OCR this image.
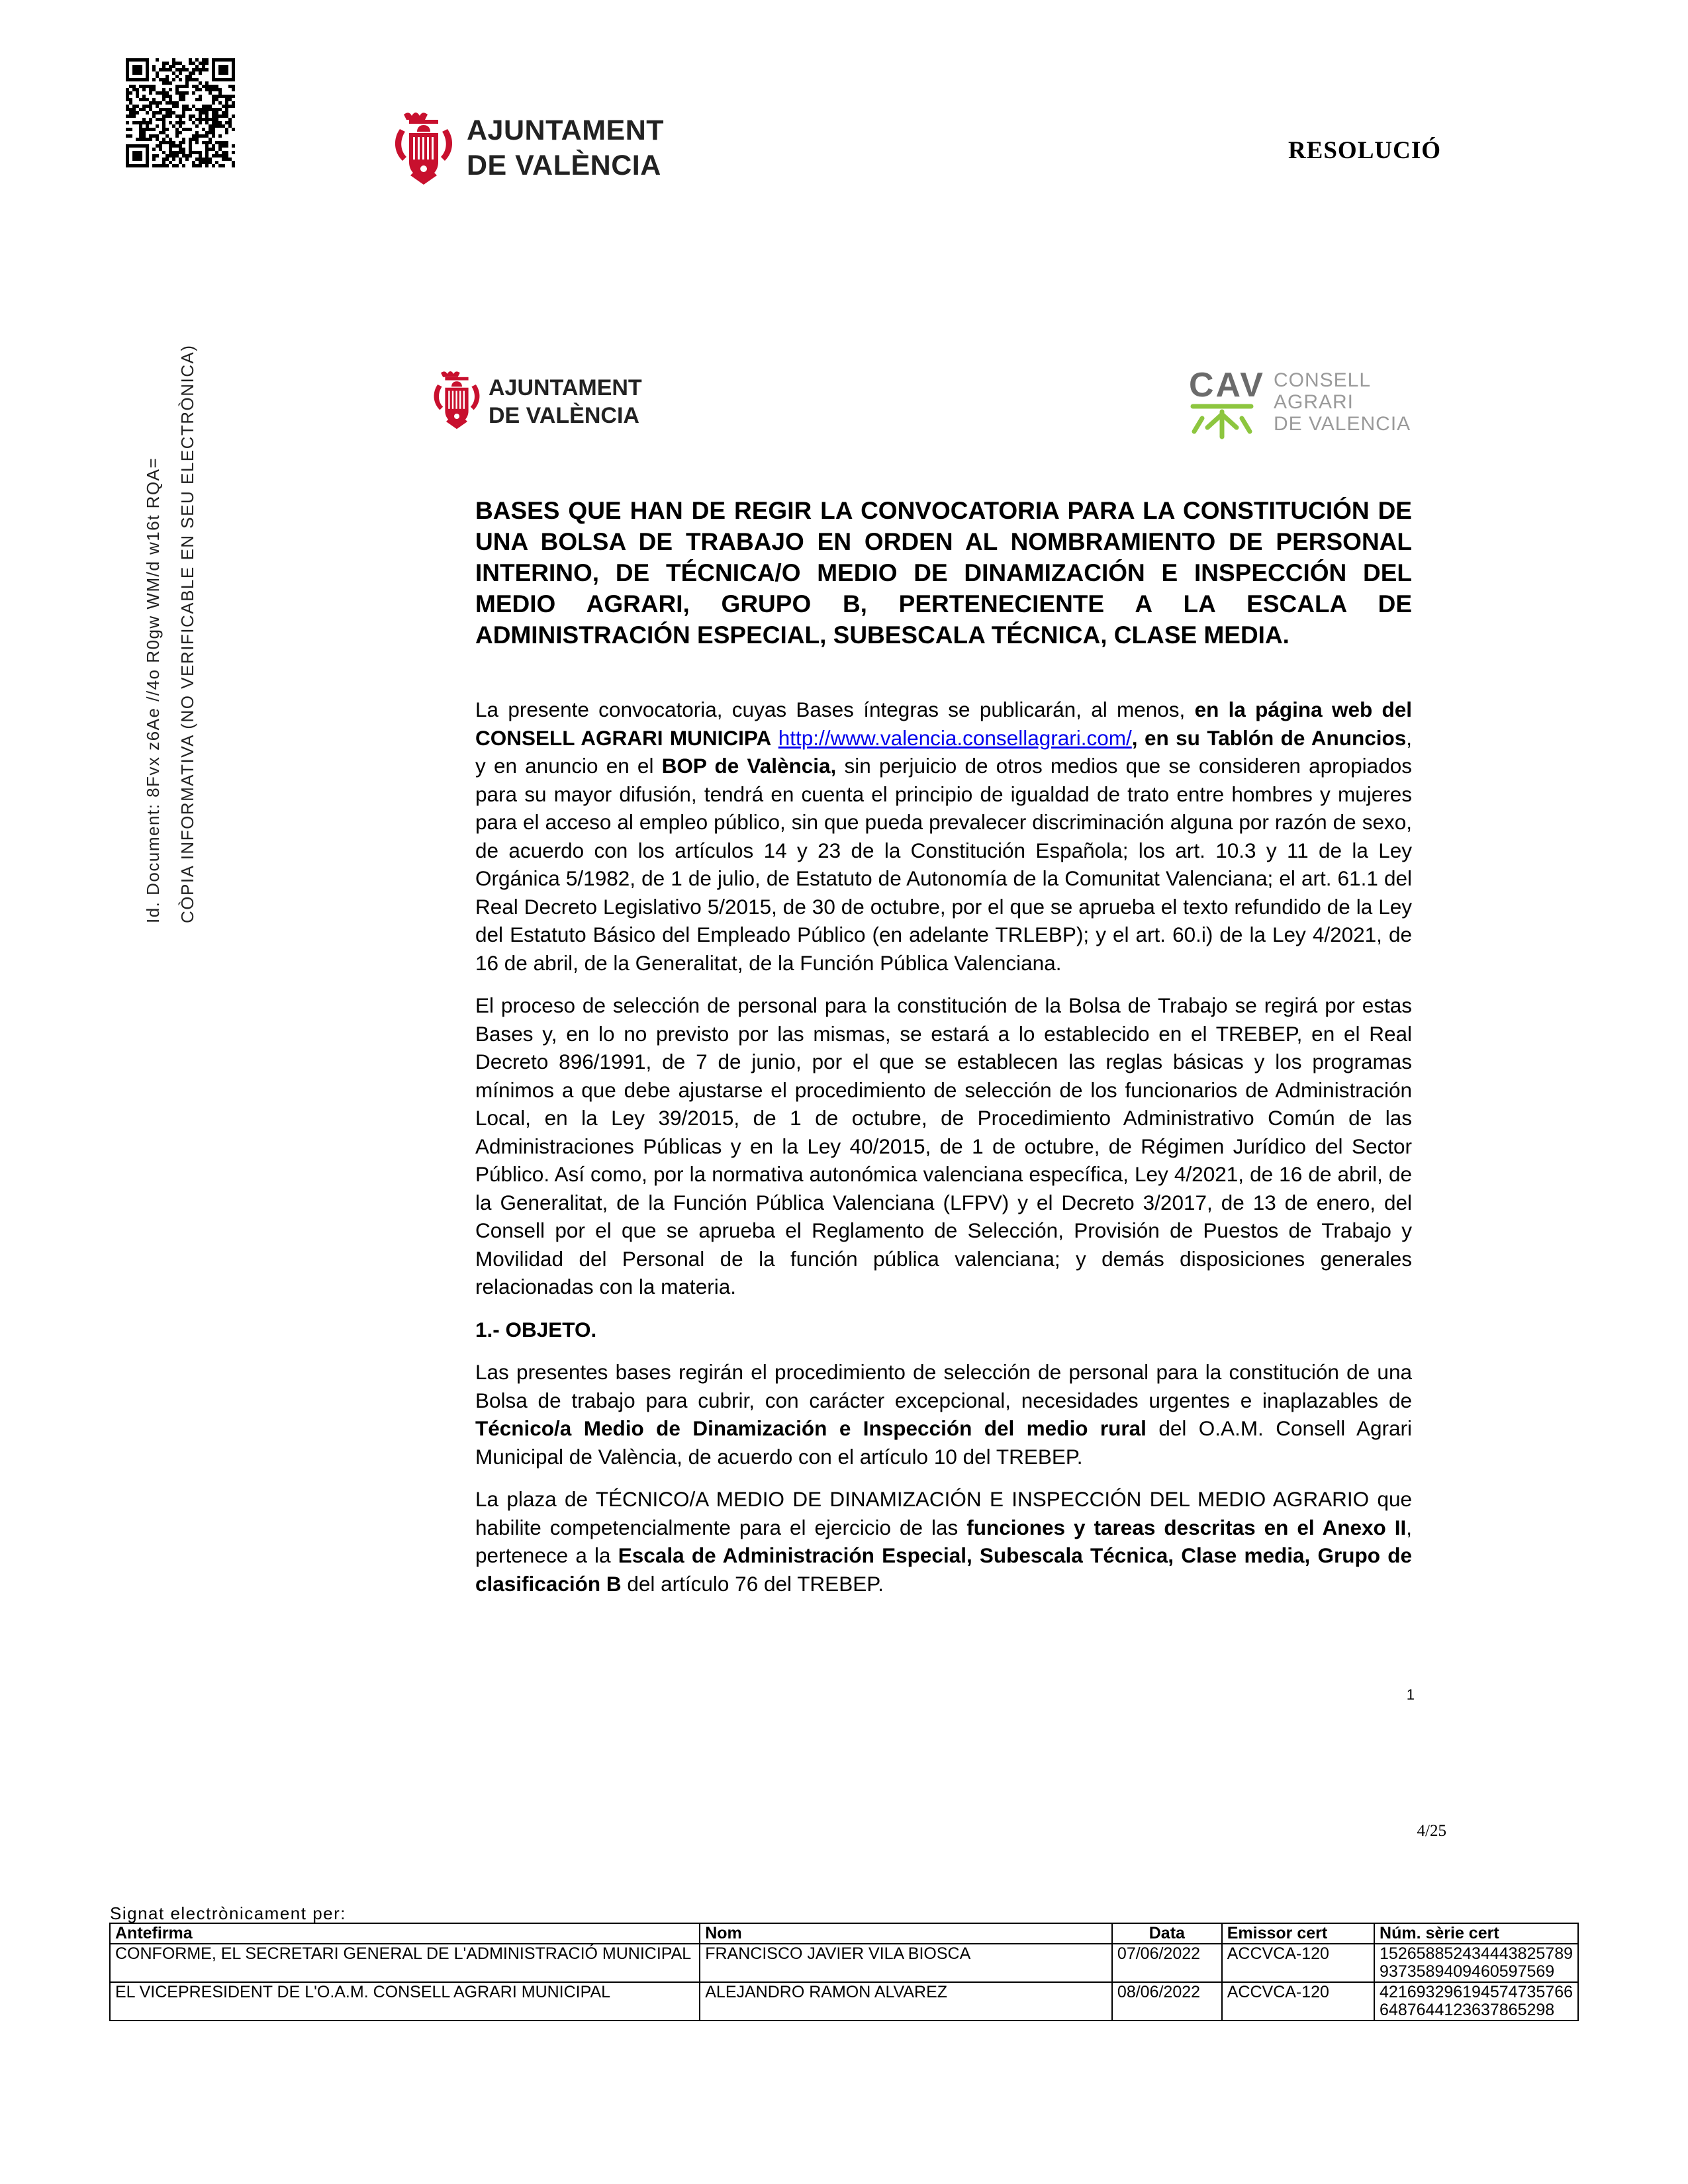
AJUNTAMENT
DE VALÈNCIA	RESOLUCIÓ
Id. Document: 8Fvx z6Ae //4o R0gw WM/d w16t RQA= CÒPIA INFORMATIVA (NO VERIFICABLE EN SEU ELECTRÒNICA)	AJUNTAMENT
DE VALÈNCIA
CAV CONSELL
AGRARI
DE VALENCIA
BASES QUE HAN DE REGIR LA CONVOCATORIA PARA LA CONSTITUCIÓN DE UNA BOLSA DE TRABAJO EN ORDEN AL NOMBRAMIENTO DE PERSONAL INTERINO, DE TÉCNICA/O MEDIO DE DINAMIZACIÓN E INSPECCIÓN DEL MEDIO AGRARI, GRUPO B, PERTENECIENTE A LA ESCALA DE ADMINISTRACIÓN ESPECIAL, SUBESCALA TÉCNICA, CLASE MEDIA.

La presente convocatoria, cuyas Bases íntegras se publicarán, al menos, en la página web del CONSELL AGRARI MUNICIPA http://www.valencia.consellagrari.com/, en su Tablón de Anuncios, y en anuncio en el BOP de València, sin perjuicio de otros medios que se consideren apropiados para su mayor difusión, tendrá en cuenta el principio de igualdad de trato entre hombres y mujeres para el acceso al empleo público, sin que pueda prevalecer discriminación alguna por razón de sexo, de acuerdo con los artículos 14 y 23 de la Constitución Española; los art. 10.3 y 11 de la Ley Orgánica 5/1982, de 1 de julio, de Estatuto de Autonomía de la Comunitat Valenciana; el art. 61.1 del Real Decreto Legislativo 5/2015, de 30 de octubre, por el que se aprueba el texto refundido de la Ley del Estatuto Básico del Empleado Público (en adelante TRLEBP); y el art. 60.i) de la Ley 4/2021, de 16 de abril, de la Generalitat, de la Función Pública Valenciana.

El proceso de selección de personal para la constitución de la Bolsa de Trabajo se regirá por estas Bases y, en lo no previsto por las mismas, se estará a lo establecido en el TREBEP, en el Real Decreto 896/1991, de 7 de junio, por el que se establecen las reglas básicas y los programas mínimos a que debe ajustarse el procedimiento de selección de los funcionarios de Administración Local, en la Ley 39/2015, de 1 de octubre, de Procedimiento Administrativo Común de las Administraciones Públicas y en la Ley 40/2015, de 1 de octubre, de Régimen Jurídico del Sector Público. Así como, por la normativa autonómica valenciana específica, Ley 4/2021, de 16 de abril, de la Generalitat, de la Función Pública Valenciana (LFPV) y el Decreto 3/2017, de 13 de enero, del Consell por el que se aprueba el Reglamento de Selección, Provisión de Puestos de Trabajo y Movilidad del Personal de la función pública valenciana; y demás disposiciones generales relacionadas con la materia.

1.- OBJETO.

Las presentes bases regirán el procedimiento de selección de personal para la constitución de una Bolsa de trabajo para cubrir, con carácter excepcional, necesidades urgentes e inaplazables de Técnico/a Medio de Dinamización e Inspección del medio rural del O.A.M. Consell Agrari Municipal de València, de acuerdo con el artículo 10 del TREBEP.

La plaza de TÉCNICO/A MEDIO DE DINAMIZACIÓN E INSPECCIÓN DEL MEDIO AGRARIO que habilite competencialmente para el ejercicio de las funciones y tareas descritas en el Anexo II, pertenece a la Escala de Administración Especial, Subescala Técnica, Clase media, Grupo de clasificación B del artículo 76 del TREBEP.

1
4/25
Signat electrònicament per:
Antefirma	Nom	Data	Emissor cert	Núm. sèrie cert
CONFORME, EL SECRETARI GENERAL DE L'ADMINISTRACIÓ MUNICIPAL	FRANCISCO JAVIER VILA BIOSCA	07/06/2022	ACCVCA-120	152658852434443825789
9373589409460597569

EL VICEPRESIDENT DE L'O.A.M. CONSELL AGRARI MUNICIPAL	ALEJANDRO RAMON ALVAREZ	08/06/2022	ACCVCA-120	421693296194574735766
6487644123637865298
